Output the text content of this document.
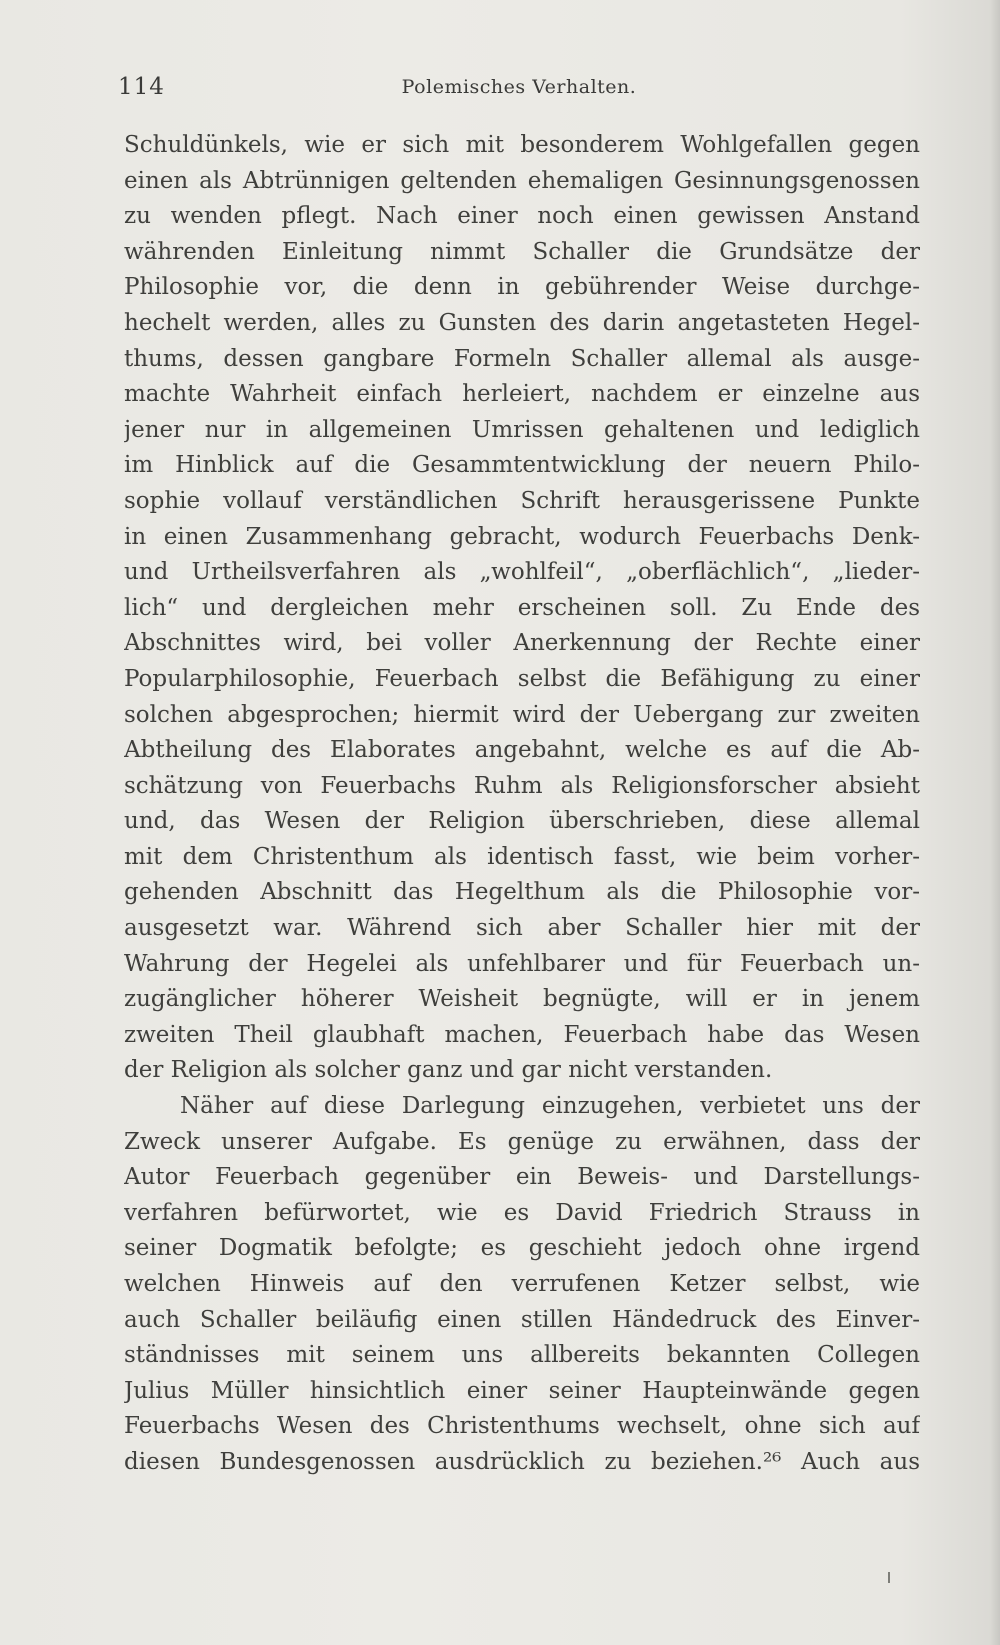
114	Polemisches Verhalten.
Schuldünkels, wie er sich mit besonderem Wohlgefallen gegen
einen als Abtrünnigen geltenden ehemaligen Gesinnungsgenossen
zu wenden pflegt. Nach einer noch einen gewissen Anstand
währenden Einleitung nimmt Schaller die Grundsätze der
Philosophie vor, die denn in gebührender Weise durchge-
hechelt werden, alles zu Gunsten des darin angetasteten Hegel-
thums, dessen gangbare Formeln Schaller allemal als ausge-
machte Wahrheit einfach herleiert, nachdem er einzelne aus
jener nur in allgemeinen Umrissen gehaltenen und lediglich
im Hinblick auf die Gesammtentwicklung der neuern Philo-
sophie vollauf verständlichen Schrift herausgerissene Punkte
in einen Zusammenhang gebracht, wodurch Feuerbachs Denk-
und Urtheilsverfahren als „wohlfeil“, „oberflächlich“, „lieder-
lich“ und dergleichen mehr erscheinen soll. Zu Ende des
Abschnittes wird, bei voller Anerkennung der Rechte einer
Popularphilosophie, Feuerbach selbst die Befähigung zu einer
solchen abgesprochen; hiermit wird der Uebergang zur zweiten
Abtheilung des Elaborates angebahnt, welche es auf die Ab-
schätzung von Feuerbachs Ruhm als Religionsforscher absieht
und, das Wesen der Religion überschrieben, diese allemal
mit dem Christenthum als identisch fasst, wie beim vorher-
gehenden Abschnitt das Hegelthum als die Philosophie vor-
ausgesetzt war. Während sich aber Schaller hier mit der
Wahrung der Hegelei als unfehlbarer und für Feuerbach un-
zugänglicher höherer Weisheit begnügte, will er in jenem
zweiten Theil glaubhaft machen, Feuerbach habe das Wesen
der Religion als solcher ganz und gar nicht verstanden.
Näher auf diese Darlegung einzugehen, verbietet uns der
Zweck unserer Aufgabe. Es genüge zu erwähnen, dass der
Autor Feuerbach gegenüber ein Beweis- und Darstellungs-
verfahren befürwortet, wie es David Friedrich Strauss in
seiner Dogmatik befolgte; es geschieht jedoch ohne irgend
welchen Hinweis auf den verrufenen Ketzer selbst, wie
auch Schaller beiläufig einen stillen Händedruck des Einver-
ständnisses mit seinem uns allbereits bekannten Collegen
Julius Müller hinsichtlich einer seiner Haupteinwände gegen
Feuerbachs Wesen des Christenthums wechselt, ohne sich auf
diesen Bundesgenossen ausdrücklich zu beziehen.²⁶ Auch aus
